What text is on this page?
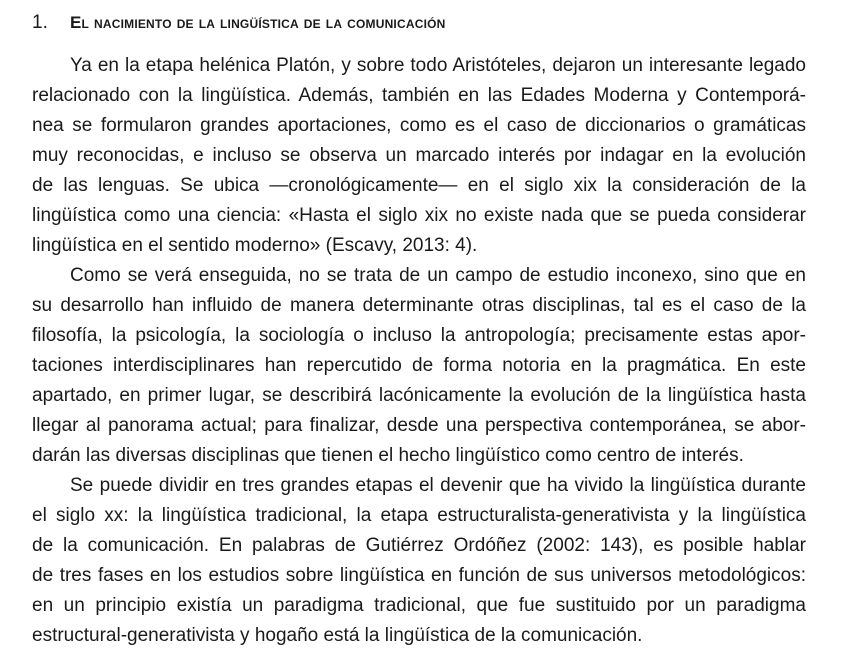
1. El nacimiento de la lingüística de la comunicación
Ya en la etapa helénica Platón, y sobre todo Aristóteles, dejaron un interesante legado
relacionado con la lingüística. Además, también en las Edades Moderna y Contemporá-
nea se formularon grandes aportaciones, como es el caso de diccionarios o gramáticas
muy reconocidas, e incluso se observa un marcado interés por indagar en la evolución
de las lenguas. Se ubica —cronológicamente— en el siglo xix la consideración de la
lingüística como una ciencia: «Hasta el siglo xix no existe nada que se pueda considerar
lingüística en el sentido moderno» (Escavy, 2013: 4).
Como se verá enseguida, no se trata de un campo de estudio inconexo, sino que en
su desarrollo han influido de manera determinante otras disciplinas, tal es el caso de la
filosofía, la psicología, la sociología o incluso la antropología; precisamente estas apor-
taciones interdisciplinares han repercutido de forma notoria en la pragmática. En este
apartado, en primer lugar, se describirá lacónicamente la evolución de la lingüística hasta
llegar al panorama actual; para finalizar, desde una perspectiva contemporánea, se abor-
darán las diversas disciplinas que tienen el hecho lingüístico como centro de interés.
Se puede dividir en tres grandes etapas el devenir que ha vivido la lingüística durante
el siglo xx: la lingüística tradicional, la etapa estructuralista-generativista y la lingüística
de la comunicación. En palabras de Gutiérrez Ordóñez (2002: 143), es posible hablar
de tres fases en los estudios sobre lingüística en función de sus universos metodológicos:
en un principio existía un paradigma tradicional, que fue sustituido por un paradigma
estructural-generativista y hogaño está la lingüística de la comunicación.
